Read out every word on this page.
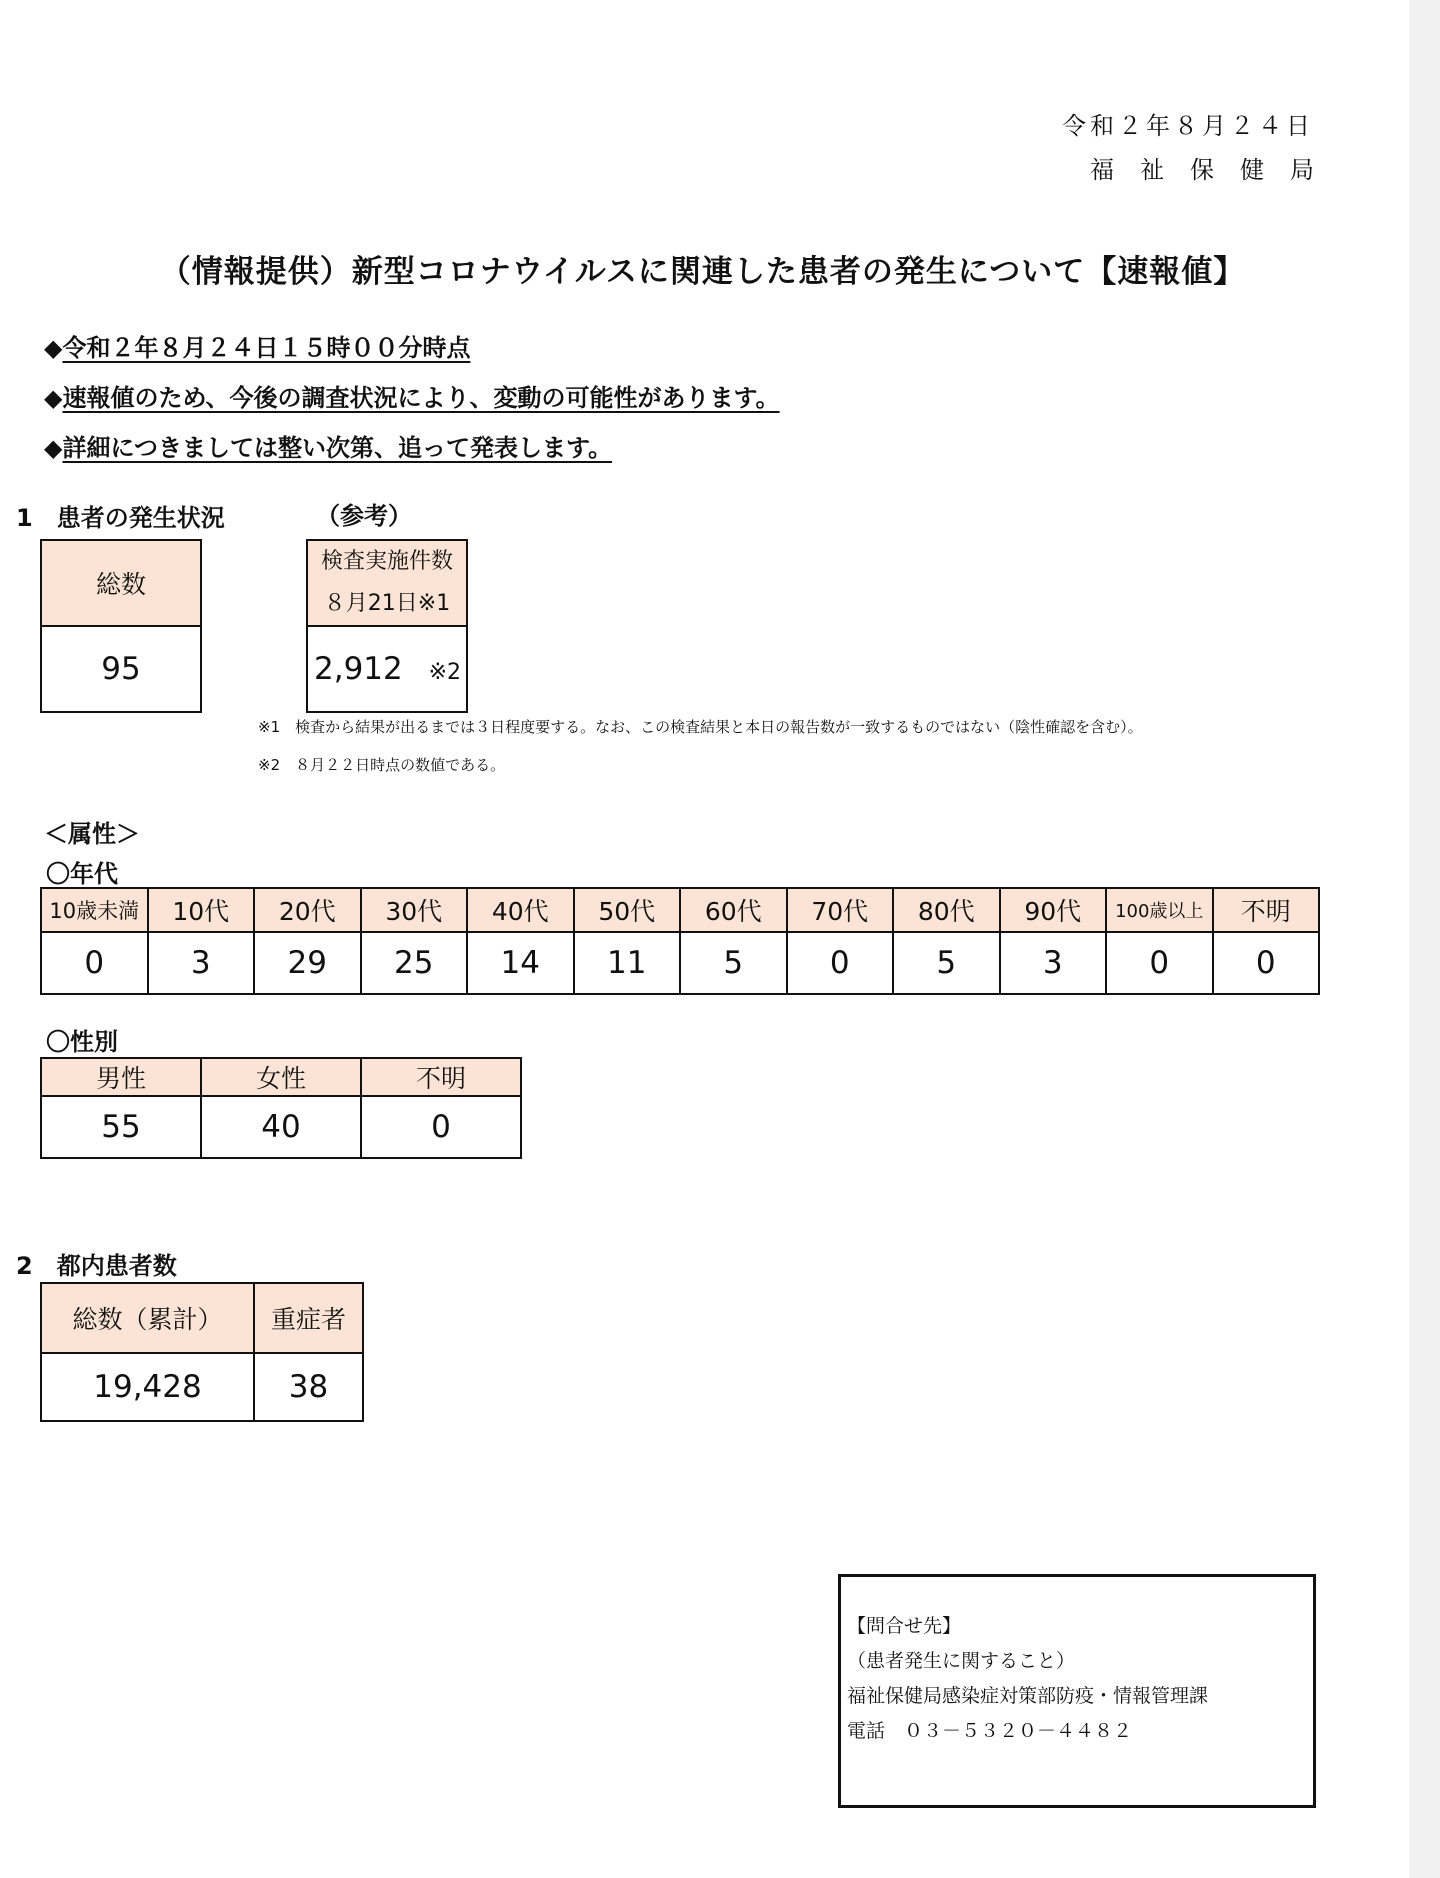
令和２年８月２４日
福祉保健局
（情報提供）新型コロナウイルスに関連した患者の発生について【速報値】
◆令和２年８月２４日１５時００分時点
◆速報値のため、今後の調査状況により、変動の可能性があります。
◆詳細につきましては整い次第、追って発表します。
1　患者の発生状況	（参考）
総数
95
検査実施件数
８月21日※1

2,912 ※2
※1　検査から結果が出るまでは３日程度要する。なお、この検査結果と本日の報告数が一致するものではない（陰性確認を含む）。
※2　８月２２日時点の数値である。
＜属性＞
〇年代
10歳未満	10代	20代	30代	40代	50代	60代	70代	80代	90代	100歳以上	不明
0	3	29	25	14	11	5	0	5	3	0	0
〇性別
男性	女性	不明
55	40	0
2　都内患者数
総数（累計）	重症者
19,428	38
【問合せ先】
（患者発生に関すること）
福祉保健局感染症対策部防疫・情報管理課
電話　０３－５３２０－４４８２
